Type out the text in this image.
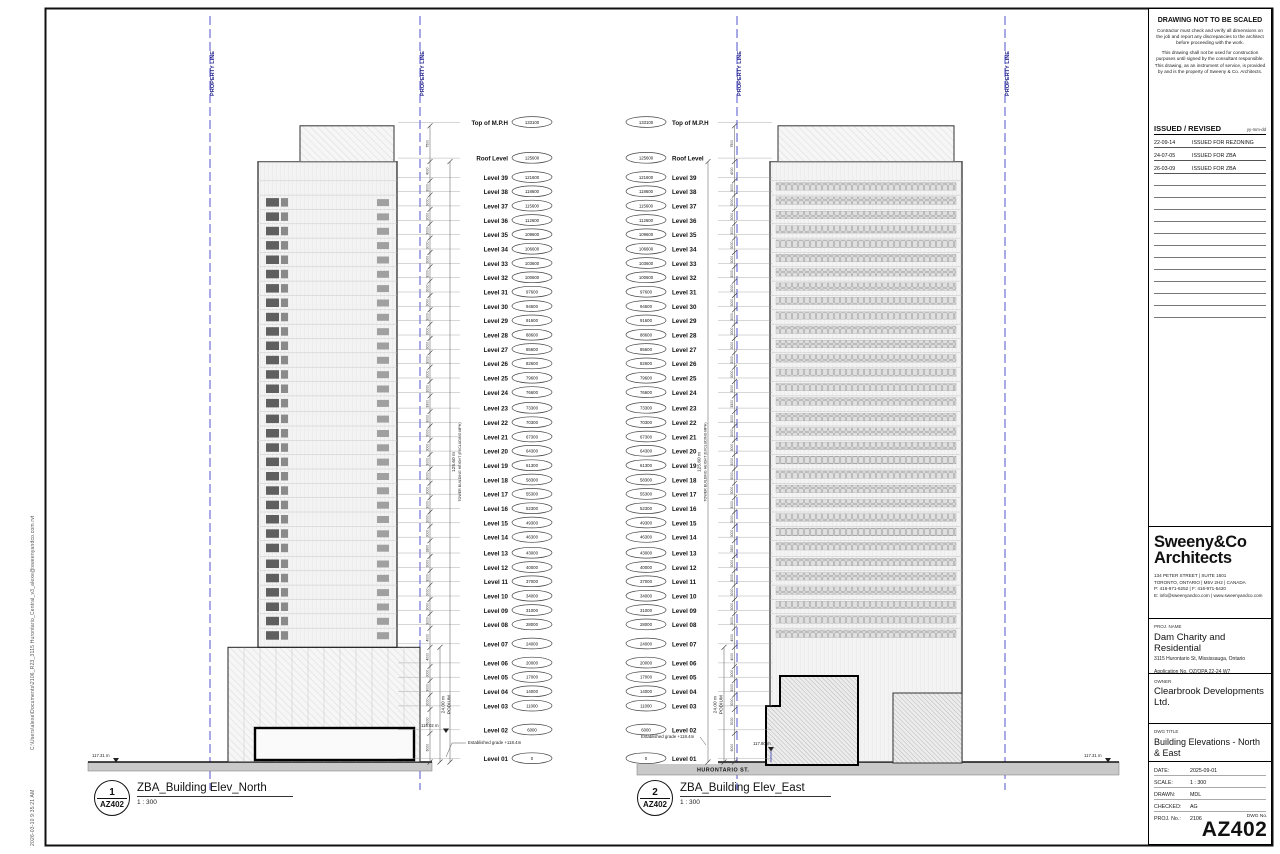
PROPERTY LINE	PROPERTY LINE	PROPERTY LINE	PROPERTY LINE
HURONTARIO ST.
Level 01	0
Level 02	6000
Level 03	11000
Level 04	14000
Level 05	17000
Level 06	20000
Level 07	24000
Level 08	28000
Level 09	31000
Level 10	34000
Level 11	37000
Level 12	40000
Level 13	43000
Level 14	46300
Level 15	49300
Level 16	52300
Level 17	55300
Level 18	58300
Level 19	61300
Level 20	64300
Level 21	67300
Level 22	70300
Level 23	73300
Level 24	76600
Level 25	79600
Level 26	82600
Level 27	85600
Level 28	88600
Level 29	91600
Level 30	94600
Level 31	97600
Level 32	100600
Level 33	103600
Level 34	106600
Level 35	109600
Level 36	112600
Level 37	115600
Level 38	118600
Level 39	121600
Roof Level	125600
Top of M.P.H	133100
0	Level 01
6000	Level 02
11000	Level 03
14000	Level 04
17000	Level 05
20000	Level 06
24000	Level 07
28000	Level 08
31000	Level 09
34000	Level 10
37000	Level 11
40000	Level 12
43000	Level 13
46300	Level 14
49300	Level 15
52300	Level 16
55300	Level 17
58300	Level 18
61300	Level 19
64300	Level 20
67300	Level 21
70300	Level 22
73300	Level 23
76600	Level 24
79600	Level 25
82600	Level 26
85600	Level 27
88600	Level 28
91600	Level 29
94600	Level 30
97600	Level 31
100600	Level 32
103600	Level 33
106600	Level 34
109600	Level 35
112600	Level 36
115600	Level 37
118600	Level 38
121600	Level 39
125600	Roof Level
133100	Top of M.P.H
6000
5000
3000
3000
3000
4000
4000
3000
3000
3000
3000
3000
3300
3000
3000
3000
3000
3000
3000
3000
3000
3000
3300
3000
3000
3000
3000
3000
3000
3000
3000
3000
3000
3000
3000
3000
3000
3000
4000
7500
6000
5000
3000
3000
3000
4000
4000
3000
3000
3000
3000
3000
3300
3000
3000
3000
3000
3000
3000
3000
3000
3000
3300
3000
3000
3000
3000
3000
3000
3000
3000
3000
3000
3000
3000
3000
3000
3000
4000
7500
24.00 m PODIUM
125.60 m TOWER BUILDING HEIGHT (EXCLUDING MPH)
24.00 m PODIUM
125.60 m TOWER BUILDING HEIGHT (EXCLUDING MPH)
117.31 m
118.02 m
Established grade +118.4m
Established grade +118.4m
117.80 m
117.31 m
C:\Users\alexe\Documents\2106_R23_3115 Hurontario_Central_v3_alexe@sweenyandco.com.rvt
2026-03-10 9:35:21 AM	1
AZ402
ZBA_Building Elev_North
1 : 300
2
AZ402
ZBA_Building Elev_East
1 : 300
DRAWING NOT TO BE SCALED

Contractor must check and verify all dimensions on the job and report any discrepancies to the architect before proceeding with the work.

This drawing shall not be used for construction purposes until signed by the consultant responsible. This drawing, as an instrument of service, is provided by and is the property of Sweeny & Co. Architects.

ISSUED / REVISED	yy-mm-dd
22-09-14	ISSUED FOR REZONING
24-07-05	ISSUED FOR ZBA
26-03-09	ISSUED FOR ZBA
Sweeny&Co
Architects
134 PETER STREET | SUITE 1601
TORONTO, ONTARIO | M5V 2H2 | CANADA
P: 416-971-6252 | F: 416-971-5420
E: info@sweenyandco.com | www.sweenyandco.com
PROJ. NAME
Dam Charity and Residential
3115 Hurontario St, Mississauga, Ontario
Application No. OZ/OPA 22-24 W7
OWNER
Clearbrook Developments Ltd.
DWG TITLE
Building Elevations - North & East
DATE:	2025-09-01
SCALE:	1 : 300
DRAWN:	MDL
CHECKED:	AG
PROJ. No.:	2106	DWG No.
AZ402
